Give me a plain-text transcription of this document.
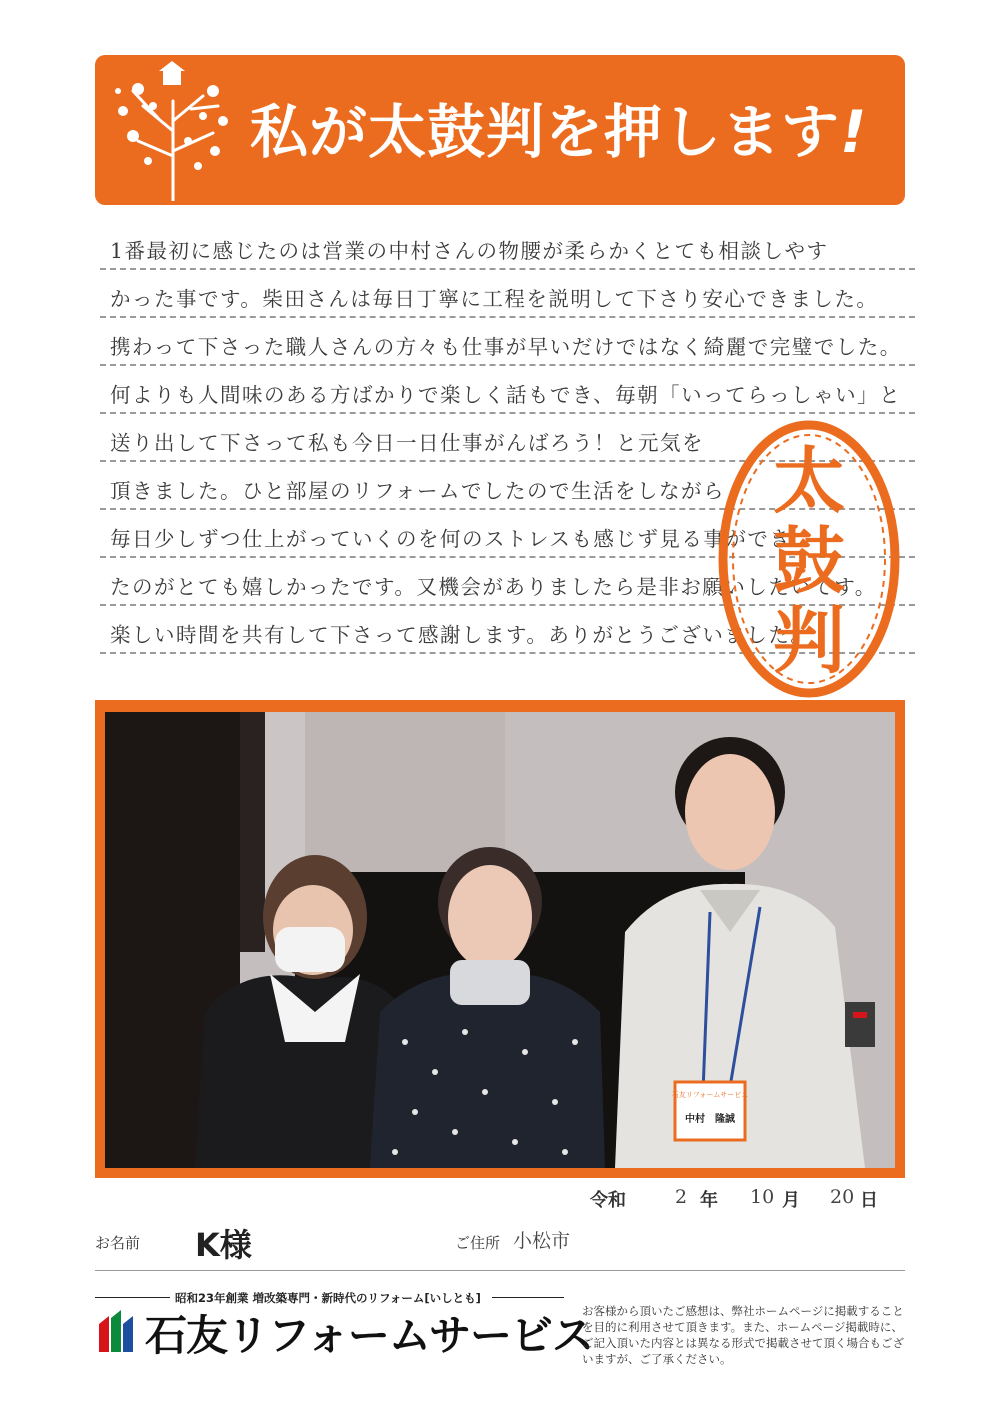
私が太鼓判を押します!
1番最初に感じたのは営業の中村さんの物腰が柔らかくとても相談しやす
かった事です。柴田さんは毎日丁寧に工程を説明して下さり安心できました。
携わって下さった職人さんの方々も仕事が早いだけではなく綺麗で完璧でした。
何よりも人間味のある方ばかりで楽しく話もでき、毎朝「いってらっしゃい」と
送り出して下さって私も今日一日仕事がんばろう！と元気を
頂きました。ひと部屋のリフォームでしたので生活をしながら
毎日少しずつ仕上がっていくのを何のストレスも感じず見る事ができ
たのがとても嬉しかったです。又機会がありましたら是非お願いしたいです。
楽しい時間を共有して下さって感謝します。ありがとうございました。
太
鼓
判
石友リフォームサービス
中村　隆誠
令和	2 年 10 月 20 日
お名前 K様	ご住所 小松市
昭和23年創業 増改築専門・新時代のリフォーム[いしとも]
石友リフォームサービス
お客様から頂いたご感想は、弊社ホームページに掲載することを目的に利用させて頂きます。また、ホームページ掲載時に、ご記入頂いた内容とは異なる形式で掲載させて頂く場合もございますが、ご了承ください。
